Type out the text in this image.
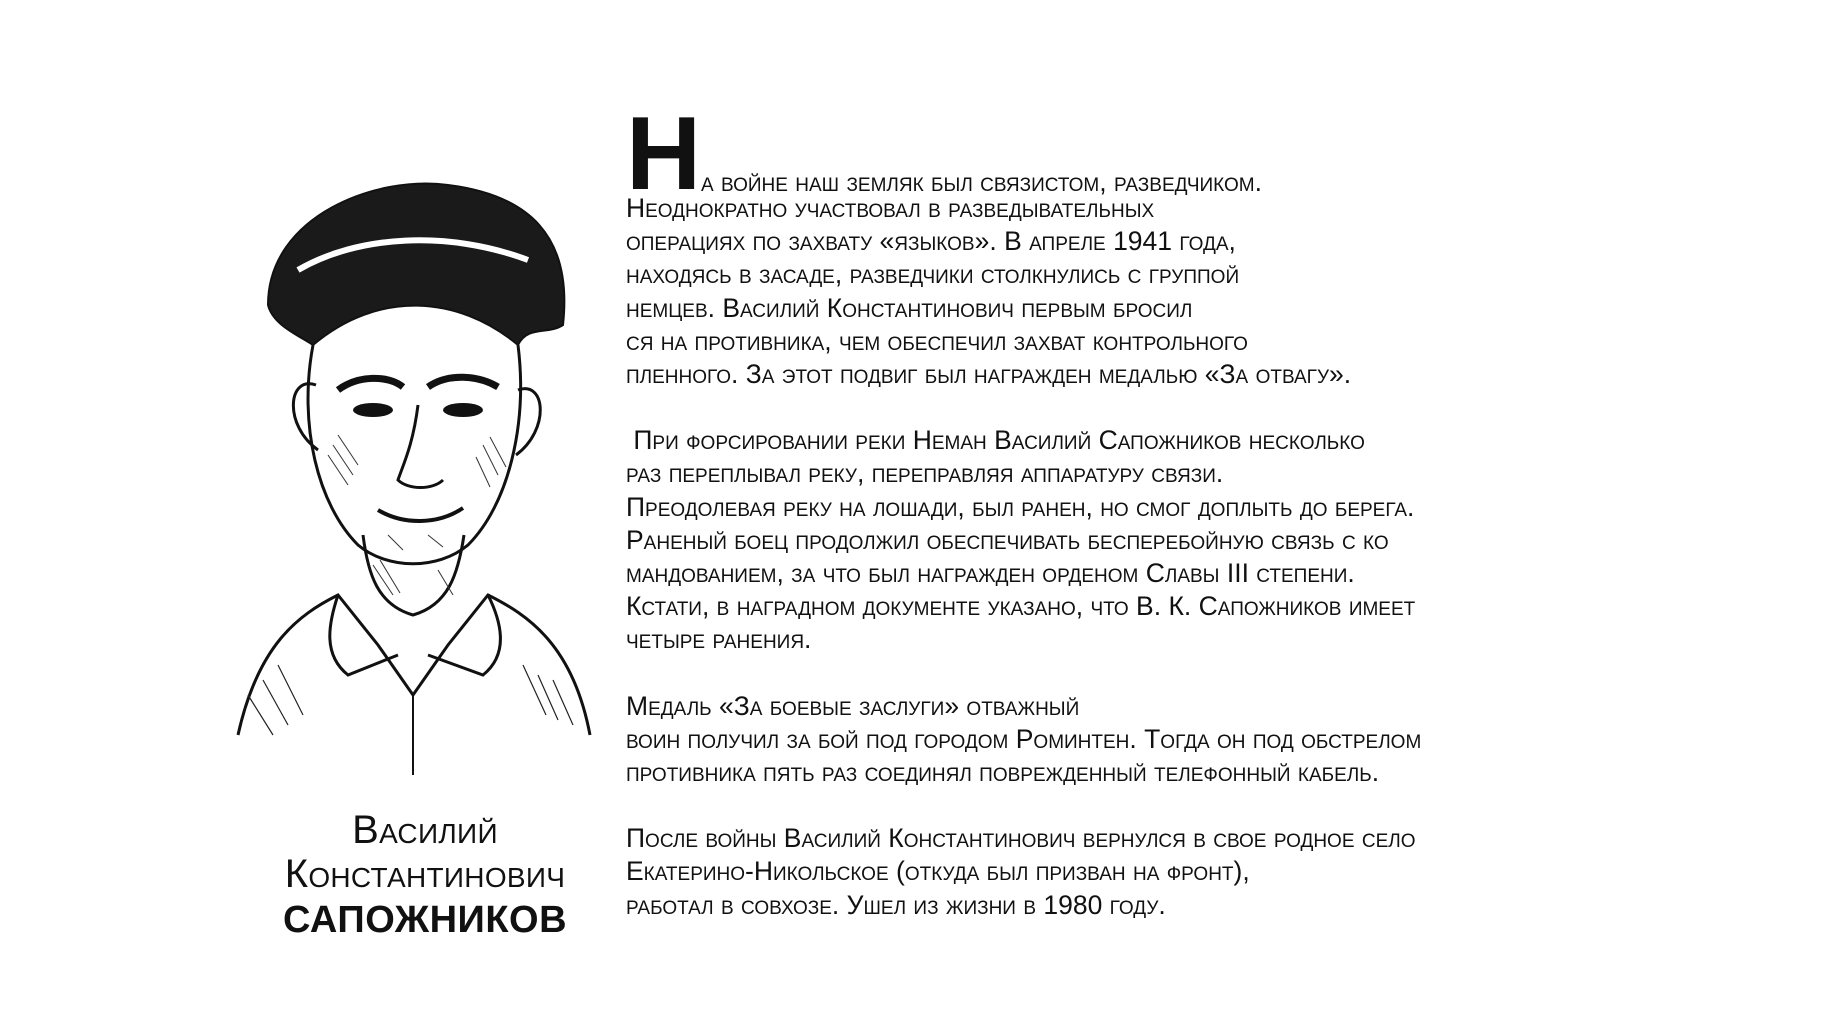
Василий
Константинович
САПОЖНИКОВ
Н а войне наш земляк был связистом, разведчиком.
Неоднократно участвовал в разведывательных
операциях по захвату «языков». В апреле 1941 года,
находясь в засаде, разведчики столкнулись с группой
немцев. Василий Константинович первым бросил
ся на противника, чем обеспечил захват контрольного
пленного. За этот подвиг был награжден медалью «За отвагу».
При форсировании реки Неман Василий Сапожников несколько
раз переплывал реку, переправляя аппаратуру связи.
Преодолевая реку на лошади, был ранен, но смог доплыть до берега.
Раненый боец продолжил обеспечивать бесперебойную связь с ко
мандованием, за что был награжден орденом Славы III степени.
Кстати, в наградном документе указано, что В. К. Сапожников имеет
четыре ранения.
Медаль «За боевые заслуги» отважный
воин получил за бой под городом Роминтен. Тогда он под обстрелом
противника пять раз соединял поврежденный телефонный кабель.
После войны Василий Константинович вернулся в свое родное село
Екатерино-Никольское (откуда был призван на фронт),
работал в совхозе. Ушел из жизни в 1980 году.
